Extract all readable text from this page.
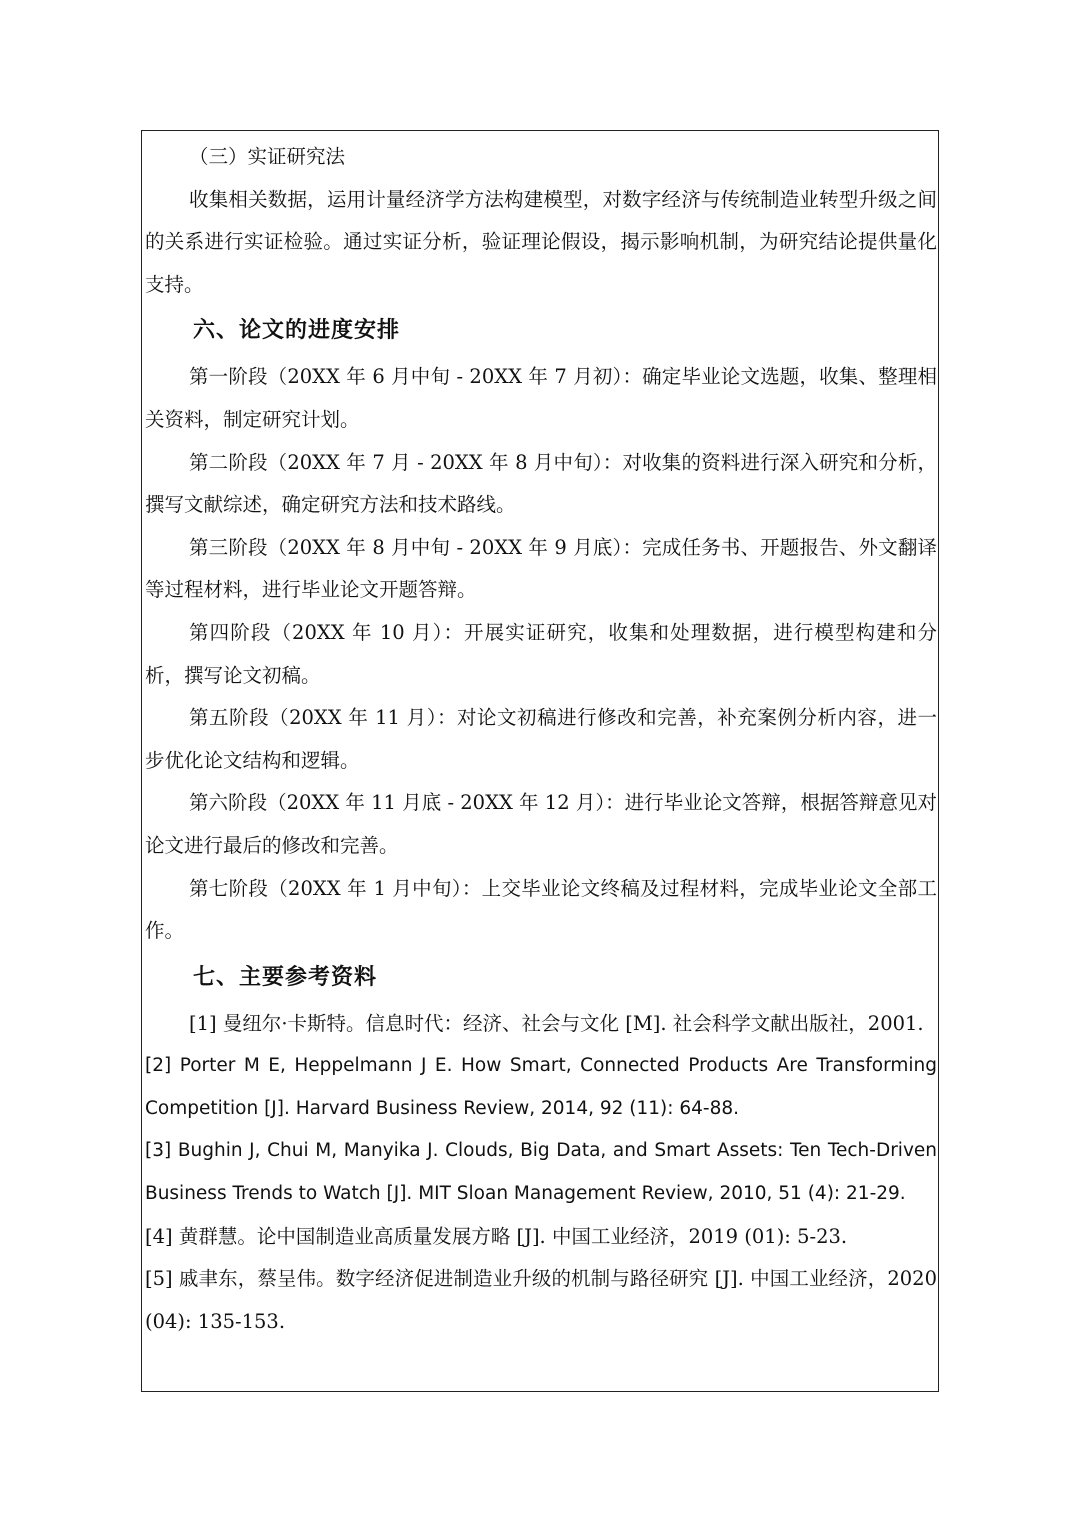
（三）实证研究法

收集相关数据，运用计量经济学方法构建模型，对数字经济与传统制造业转型升级之间的关系进行实证检验。通过实证分析，验证理论假设，揭示影响机制，为研究结论提供量化支持。

六、论文的进度安排

第一阶段（20XX 年 6 月中旬 - 20XX 年 7 月初）：确定毕业论文选题，收集、整理相关资料，制定研究计划。

第二阶段（20XX 年 7 月 - 20XX 年 8 月中旬）：对收集的资料进行深入研究和分析，撰写文献综述，确定研究方法和技术路线。

第三阶段（20XX 年 8 月中旬 - 20XX 年 9 月底）：完成任务书、开题报告、外文翻译等过程材料，进行毕业论文开题答辩。

第四阶段（20XX 年 10 月）：开展实证研究，收集和处理数据，进行模型构建和分析，撰写论文初稿。

第五阶段（20XX 年 11 月）：对论文初稿进行修改和完善，补充案例分析内容，进一步优化论文结构和逻辑。

第六阶段（20XX 年 11 月底 - 20XX 年 12 月）：进行毕业论文答辩，根据答辩意见对论文进行最后的修改和完善。

第七阶段（20XX 年 1 月中旬）：上交毕业论文终稿及过程材料，完成毕业论文全部工作。

七、主要参考资料

[1] 曼纽尔·卡斯特。信息时代：经济、社会与文化 [M]. 社会科学文献出版社，2001.

[2] Porter M E, Heppelmann J E. How Smart, Connected Products Are Transforming Competition [J]. Harvard Business Review, 2014, 92 (11): 64-88.

[3] Bughin J, Chui M, Manyika J. Clouds, Big Data, and Smart Assets: Ten Tech-Driven Business Trends to Watch [J]. MIT Sloan Management Review, 2010, 51 (4): 21-29.

[4] 黄群慧。论中国制造业高质量发展方略 [J]. 中国工业经济，2019 (01): 5-23.

[5] 戚聿东，蔡呈伟。数字经济促进制造业升级的机制与路径研究 [J]. 中国工业经济，2020 (04): 135-153.
